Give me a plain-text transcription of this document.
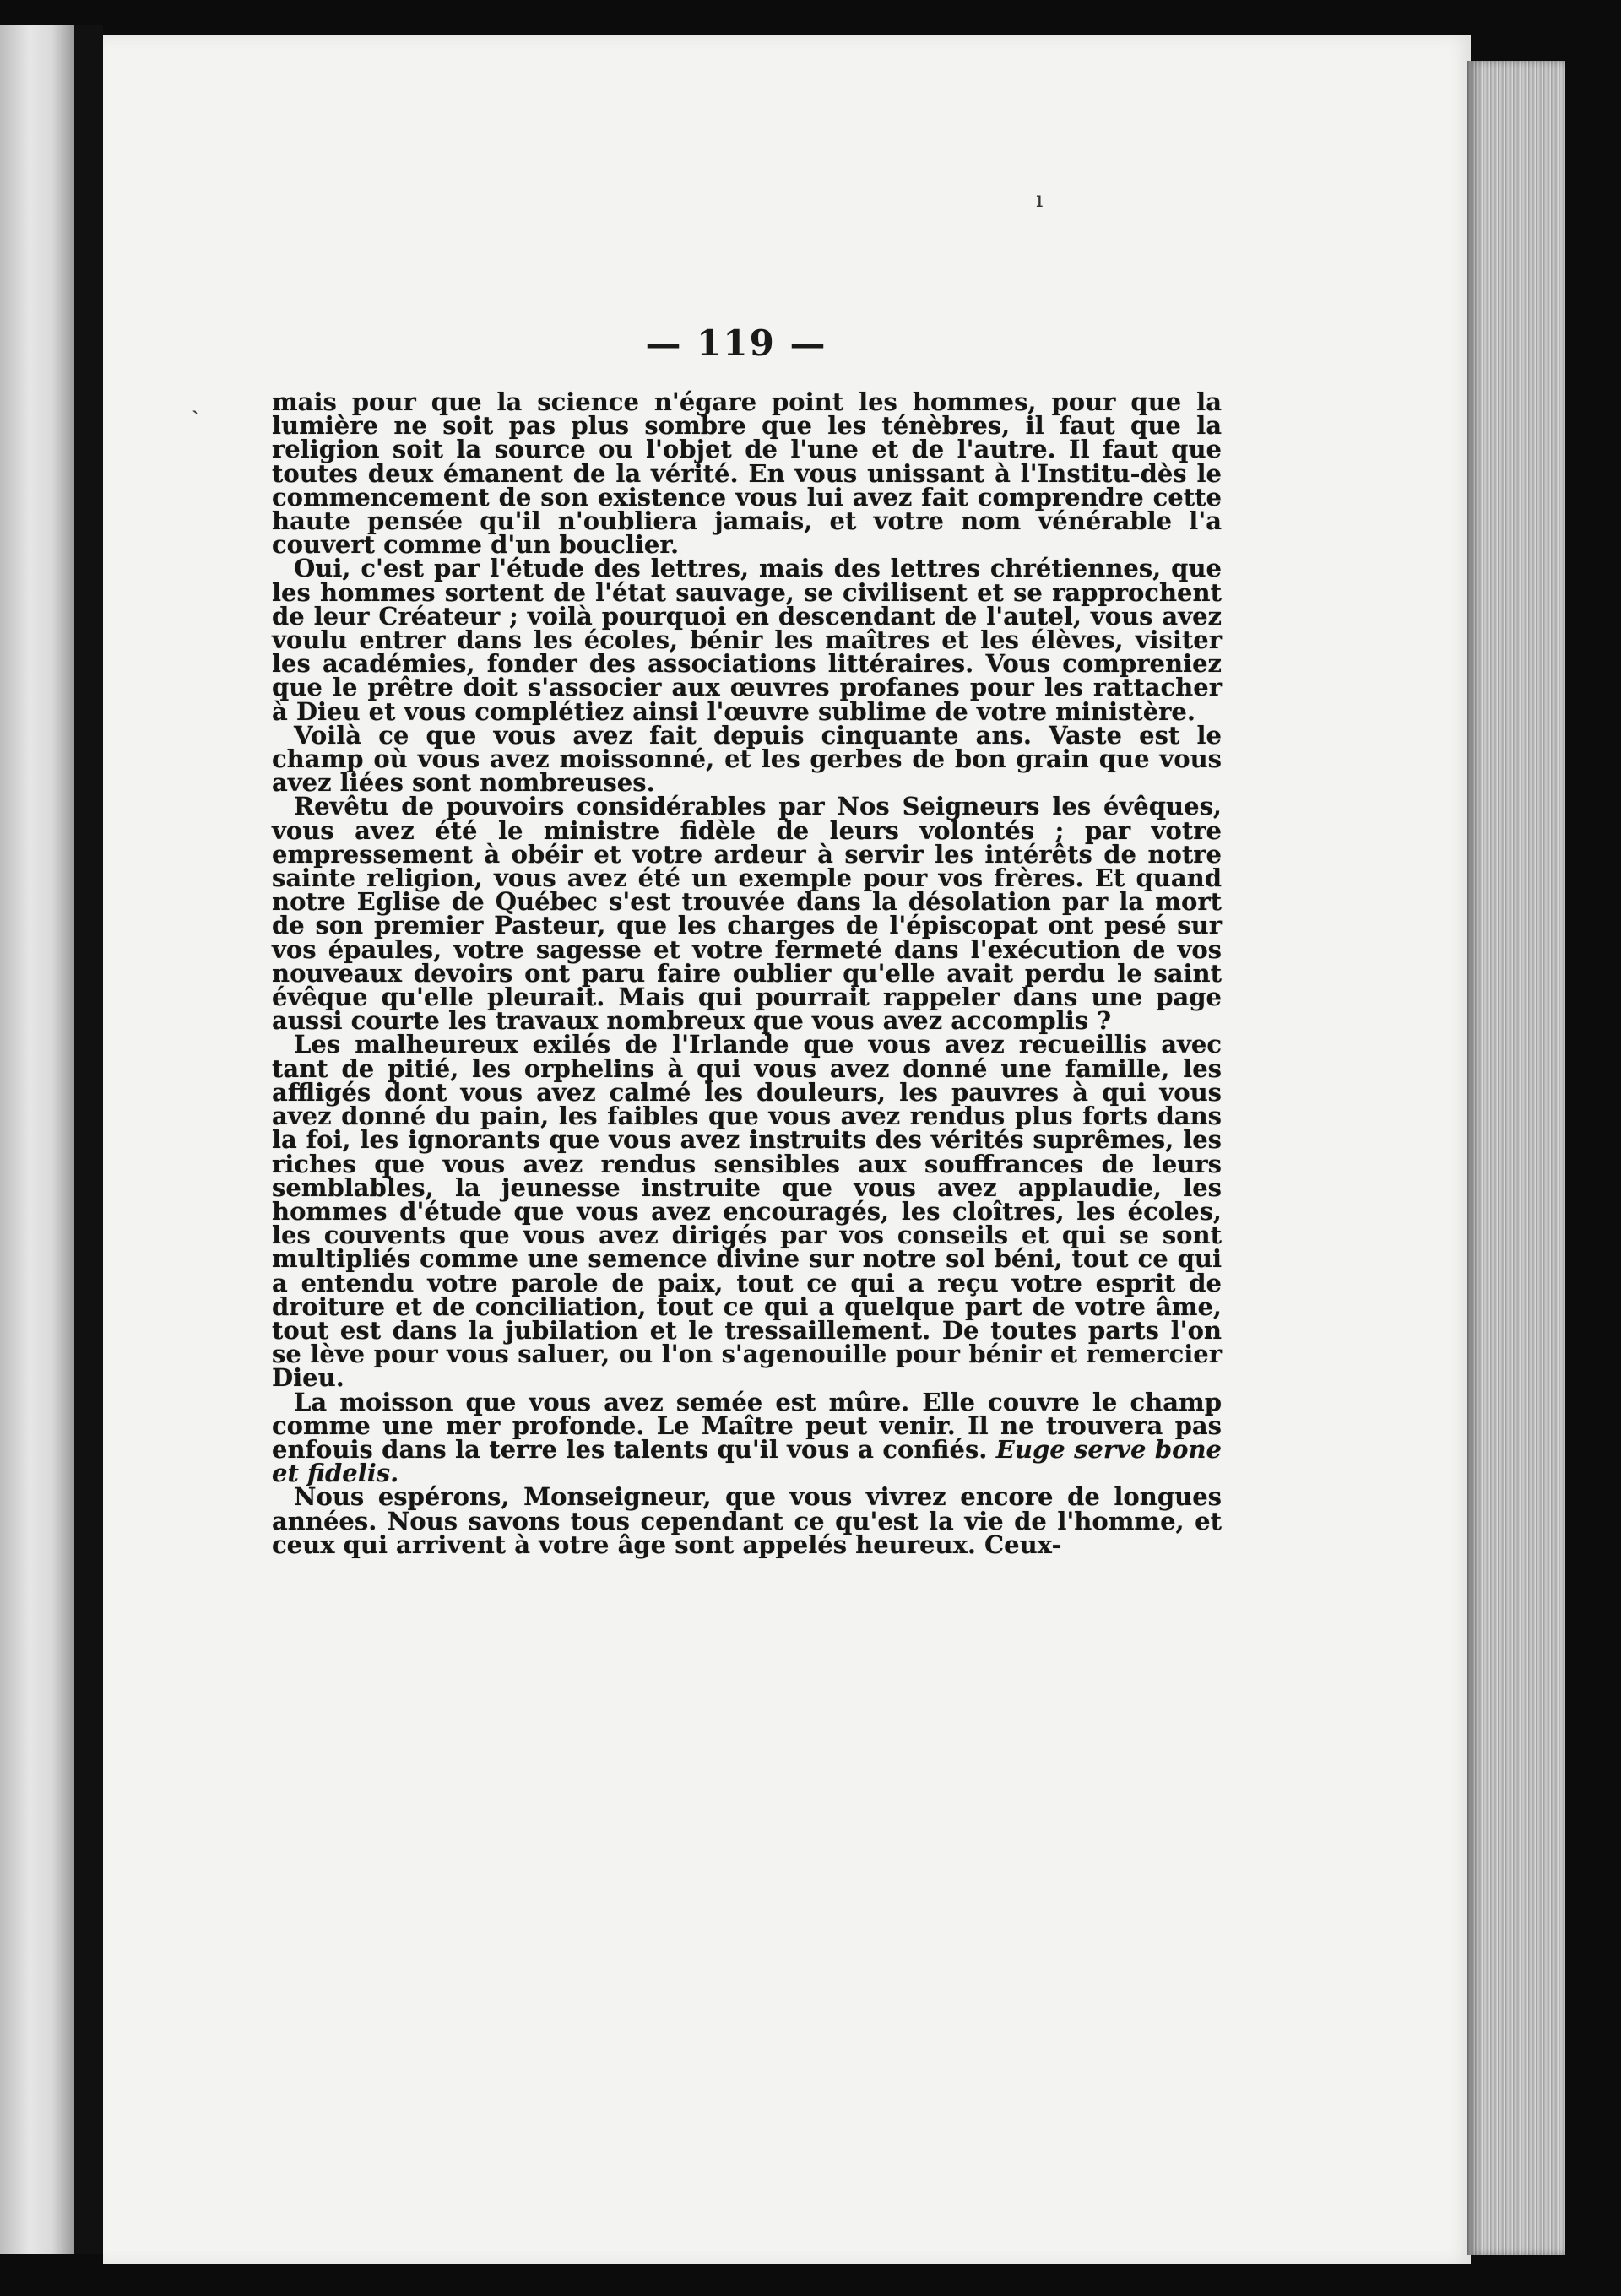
ı
ˎ
— 119 —

mais pour que la science n'égare point les hommes, pour que la lumière ne soit pas plus sombre que les ténèbres, il faut que la religion soit la source ou l'objet de l'une et de l'autre. Il faut que toutes deux émanent de la vérité. En vous unissant à l'Institu-dès le commencement de son existence vous lui avez fait comprendre cette haute pensée qu'il n'oubliera jamais, et votre nom vénérable l'a couvert comme d'un bouclier.

Oui, c'est par l'étude des lettres, mais des lettres chrétiennes, que les hommes sortent de l'état sauvage, se civilisent et se rapprochent de leur Créateur ; voilà pourquoi en descendant de l'autel, vous avez voulu entrer dans les écoles, bénir les maîtres et les élèves, visiter les académies, fonder des associations littéraires. Vous compreniez que le prêtre doit s'associer aux œuvres profanes pour les rattacher à Dieu et vous complétiez ainsi l'œuvre sublime de votre ministère.

Voilà ce que vous avez fait depuis cinquante ans. Vaste est le champ où vous avez moissonné, et les gerbes de bon grain que vous avez liées sont nombreuses.

Revêtu de pouvoirs considérables par Nos Seigneurs les évêques, vous avez été le ministre fidèle de leurs volontés ; par votre empressement à obéir et votre ardeur à servir les intérêts de notre sainte religion, vous avez été un exemple pour vos frères. Et quand notre Eglise de Québec s'est trouvée dans la désolation par la mort de son premier Pasteur, que les charges de l'épiscopat ont pesé sur vos épaules, votre sagesse et votre fermeté dans l'exécution de vos nouveaux devoirs ont paru faire oublier qu'elle avait perdu le saint évêque qu'elle pleurait. Mais qui pourrait rappeler dans une page aussi courte les travaux nombreux que vous avez accomplis ?

Les malheureux exilés de l'Irlande que vous avez recueillis avec tant de pitié, les orphelins à qui vous avez donné une famille, les affligés dont vous avez calmé les douleurs, les pauvres à qui vous avez donné du pain, les faibles que vous avez rendus plus forts dans la foi, les ignorants que vous avez instruits des vérités suprêmes, les riches que vous avez rendus sensibles aux souffrances de leurs semblables, la jeunesse instruite que vous avez applaudie, les hommes d'étude que vous avez encouragés, les cloîtres, les écoles, les couvents que vous avez dirigés par vos conseils et qui se sont multipliés comme une semence divine sur notre sol béni, tout ce qui a entendu votre parole de paix, tout ce qui a reçu votre esprit de droiture et de conciliation, tout ce qui a quelque part de votre âme, tout est dans la jubilation et le tressaillement. De toutes parts l'on se lève pour vous saluer, ou l'on s'agenouille pour bénir et remercier Dieu.

La moisson que vous avez semée est mûre. Elle couvre le champ comme une mer profonde. Le Maître peut venir. Il ne trouvera pas enfouis dans la terre les talents qu'il vous a confiés. Euge serve bone et fidelis.

Nous espérons, Monseigneur, que vous vivrez encore de longues années. Nous savons tous cependant ce qu'est la vie de l'homme, et ceux qui arrivent à votre âge sont appelés heureux. Ceux-
